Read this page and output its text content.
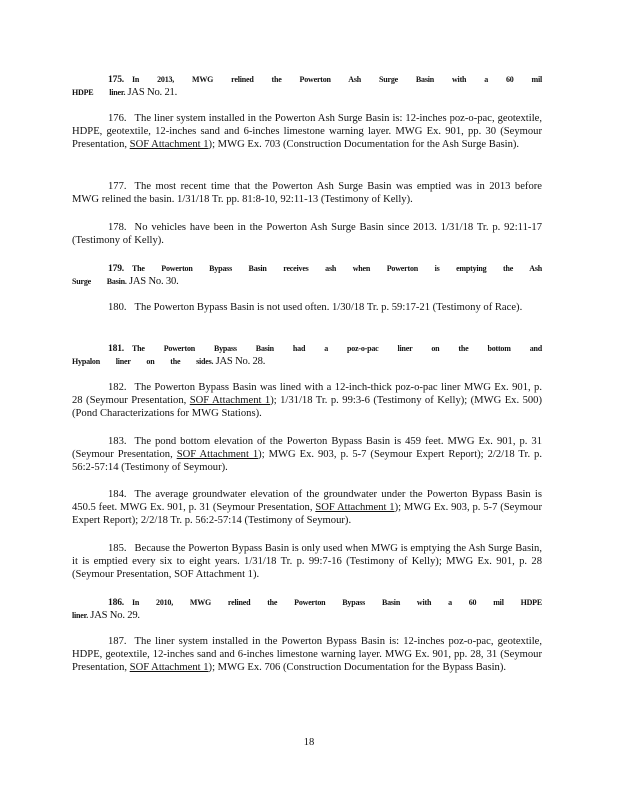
175. In 2013, MWG relined the Powerton Ash Surge Basin with a 60 mil HDPE liner. JAS No. 21.
176. The liner system installed in the Powerton Ash Surge Basin is: 12-inches poz-o-pac, geotextile, HDPE, geotextile, 12-inches sand and 6-inches limestone warning layer. MWG Ex. 901, pp. 30 (Seymour Presentation, SOF Attachment 1); MWG Ex. 703 (Construction Documentation for the Ash Surge Basin).
177. The most recent time that the Powerton Ash Surge Basin was emptied was in 2013 before MWG relined the basin. 1/31/18 Tr. pp. 81:8-10, 92:11-13 (Testimony of Kelly).
178. No vehicles have been in the Powerton Ash Surge Basin since 2013. 1/31/18 Tr. p. 92:11-17 (Testimony of Kelly).
179. The Powerton Bypass Basin receives ash when Powerton is emptying the Ash Surge Basin. JAS No. 30.
180. The Powerton Bypass Basin is not used often. 1/30/18 Tr. p. 59:17-21 (Testimony of Race).
181. The Powerton Bypass Basin had a poz-o-pac liner on the bottom and Hypalon liner on the sides. JAS No. 28.
182. The Powerton Bypass Basin was lined with a 12-inch-thick poz-o-pac liner MWG Ex. 901, p. 28 (Seymour Presentation, SOF Attachment 1); 1/31/18 Tr. p. 99:3-6 (Testimony of Kelly); (MWG Ex. 500) (Pond Characterizations for MWG Stations).
183. The pond bottom elevation of the Powerton Bypass Basin is 459 feet. MWG Ex. 901, p. 31 (Seymour Presentation, SOF Attachment 1); MWG Ex. 903, p. 5-7 (Seymour Expert Report); 2/2/18 Tr. p. 56:2-57:14 (Testimony of Seymour).
184. The average groundwater elevation of the groundwater under the Powerton Bypass Basin is 450.5 feet. MWG Ex. 901, p. 31 (Seymour Presentation, SOF Attachment 1); MWG Ex. 903, p. 5-7 (Seymour Expert Report); 2/2/18 Tr. p. 56:2-57:14 (Testimony of Seymour).
185. Because the Powerton Bypass Basin is only used when MWG is emptying the Ash Surge Basin, it is emptied every six to eight years. 1/31/18 Tr. p. 99:7-16 (Testimony of Kelly); MWG Ex. 901, p. 28 (Seymour Presentation, SOF Attachment 1).
186. In 2010, MWG relined the Powerton Bypass Basin with a 60 mil HDPE liner. JAS No. 29.
187. The liner system installed in the Powerton Bypass Basin is: 12-inches poz-o-pac, geotextile, HDPE, geotextile, 12-inches sand and 6-inches limestone warning layer. MWG Ex. 901, pp. 28, 31 (Seymour Presentation, SOF Attachment 1); MWG Ex. 706 (Construction Documentation for the Bypass Basin).
18
